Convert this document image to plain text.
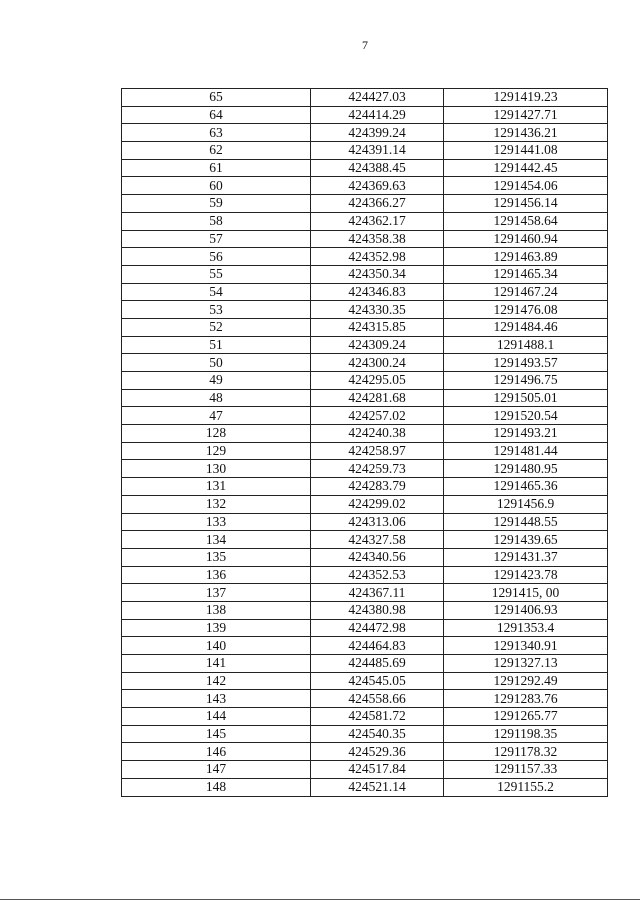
7
65	424427.03	1291419.23
64	424414.29	1291427.71
63	424399.24	1291436.21
62	424391.14	1291441.08
61	424388.45	1291442.45
60	424369.63	1291454.06
59	424366.27	1291456.14
58	424362.17	1291458.64
57	424358.38	1291460.94
56	424352.98	1291463.89
55	424350.34	1291465.34
54	424346.83	1291467.24
53	424330.35	1291476.08
52	424315.85	1291484.46
51	424309.24	1291488.1
50	424300.24	1291493.57
49	424295.05	1291496.75
48	424281.68	1291505.01
47	424257.02	1291520.54
128	424240.38	1291493.21
129	424258.97	1291481.44
130	424259.73	1291480.95
131	424283.79	1291465.36
132	424299.02	1291456.9
133	424313.06	1291448.55
134	424327.58	1291439.65
135	424340.56	1291431.37
136	424352.53	1291423.78
137	424367.11	1291415, 00
138	424380.98	1291406.93
139	424472.98	1291353.4
140	424464.83	1291340.91
141	424485.69	1291327.13
142	424545.05	1291292.49
143	424558.66	1291283.76
144	424581.72	1291265.77
145	424540.35	1291198.35
146	424529.36	1291178.32
147	424517.84	1291157.33
148	424521.14	1291155.2
